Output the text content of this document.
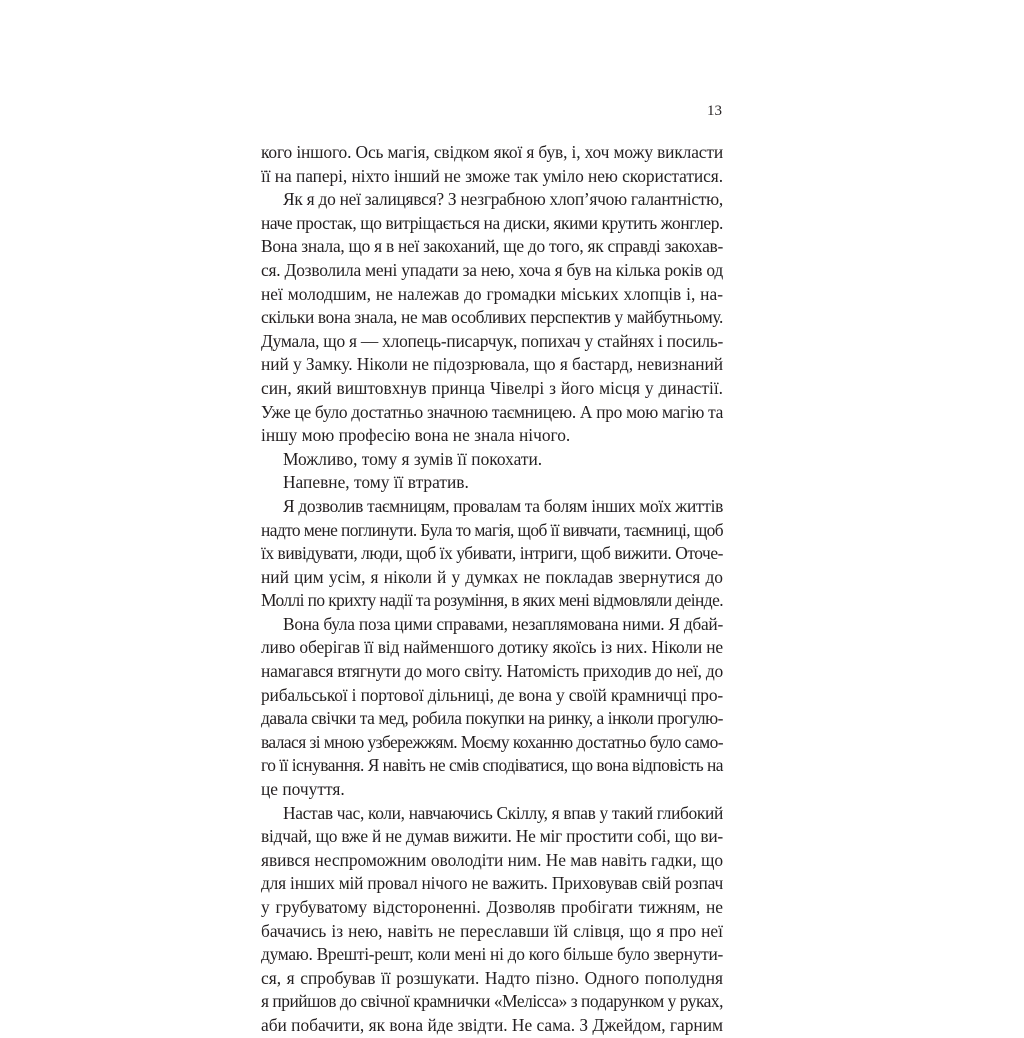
13
кого іншого. Ось магія, свідком якої я був, і, хоч можу викласти
її на папері, ніхто інший не зможе так уміло нею скористатися.
Як я до неї залицявся? З незграбною хлоп’ячою галантністю,
наче простак, що витріщається на диски, якими крутить жонглер.
Вона знала, що я в неї закоханий, ще до того, як справді закохав-
ся. Дозволила мені упадати за нею, хоча я був на кілька років од
неї молодшим, не належав до громадки міських хлопців і, на-
скільки вона знала, не мав особливих перспектив у майбутньому.
Думала, що я — хлопець-писарчук, попихач у стайнях і посиль-
ний у Замку. Ніколи не підозрювала, що я бастард, невизнаний
син, який виштовхнув принца Чівелрі з його місця у династії.
Уже це було достатньо значною таємницею. А про мою магію та
іншу мою професію вона не знала нічого.
Можливо, тому я зумів її покохати.
Напевне, тому її втратив.
Я дозволив таємницям, провалам та болям інших моїх життів
надто мене поглинути. Була то магія, щоб її вивчати, таємниці, щоб
їх вивідувати, люди, щоб їх убивати, інтриги, щоб вижити. Оточе-
ний цим усім, я ніколи й у думках не покладав звернутися до
Моллі по крихту надії та розуміння, в яких мені відмовляли деінде.
Вона була поза цими справами, незаплямована ними. Я дбай-
ливо оберігав її від найменшого дотику якоїсь із них. Ніколи не
намагався втягнути до мого світу. Натомість приходив до неї, до
рибальської і портової дільниці, де вона у своїй крамничці про-
давала свічки та мед, робила покупки на ринку, а інколи прогулю-
валася зі мною узбережжям. Моєму коханню достатньо було само-
го її існування. Я навіть не смів сподіватися, що вона відповість на
це почуття.
Настав час, коли, навчаючись Скіллу, я впав у такий глибокий
відчай, що вже й не думав вижити. Не міг простити собі, що ви-
явився неспроможним оволодіти ним. Не мав навіть гадки, що
для інших мій провал нічого не важить. Приховував свій розпач
у грубуватому відстороненні. Дозволяв пробігати тижням, не
бачачись із нею, навіть не переславши їй слівця, що я про неї
думаю. Врешті-решт, коли мені ні до кого більше було звернути-
ся, я спробував її розшукати. Надто пізно. Одного пополудня
я прийшов до свічної крамнички «Мелісса» з подарунком у руках,
аби побачити, як вона йде звідти. Не сама. З Джейдом, гарним
